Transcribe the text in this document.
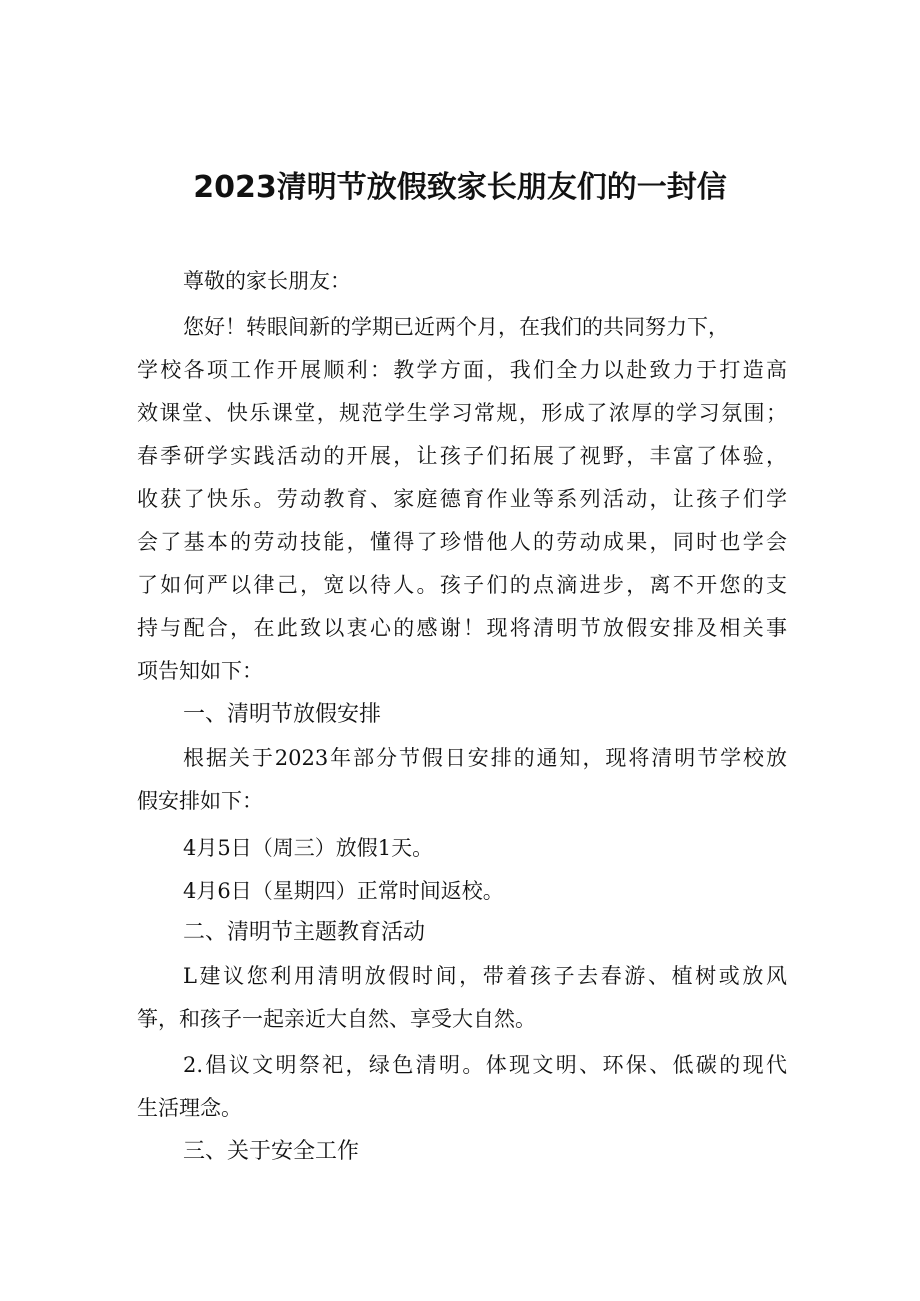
2023清明节放假致家长朋友们的一封信

尊敬的家长朋友：

您好！转眼间新的学期已近两个月，在我们的共同努力下，

学校各项工作开展顺利：教学方面，我们全力以赴致力于打造高

效课堂、快乐课堂，规范学生学习常规，形成了浓厚的学习氛围；

春季研学实践活动的开展，让孩子们拓展了视野，丰富了体验，

收获了快乐。劳动教育、家庭德育作业等系列活动，让孩子们学

会了基本的劳动技能，懂得了珍惜他人的劳动成果，同时也学会

了如何严以律己，宽以待人。孩子们的点滴进步，离不开您的支

持与配合，在此致以衷心的感谢！现将清明节放假安排及相关事

项告知如下：

一、清明节放假安排

根据关于2023年部分节假日安排的通知，现将清明节学校放

假安排如下：

4月5日（周三）放假1天。

4月6日（星期四）正常时间返校。

二、清明节主题教育活动

L建议您利用清明放假时间，带着孩子去春游、植树或放风

筝，和孩子一起亲近大自然、享受大自然。

2.倡议文明祭祀，绿色清明。体现文明、环保、低碳的现代

生活理念。

三、关于安全工作
